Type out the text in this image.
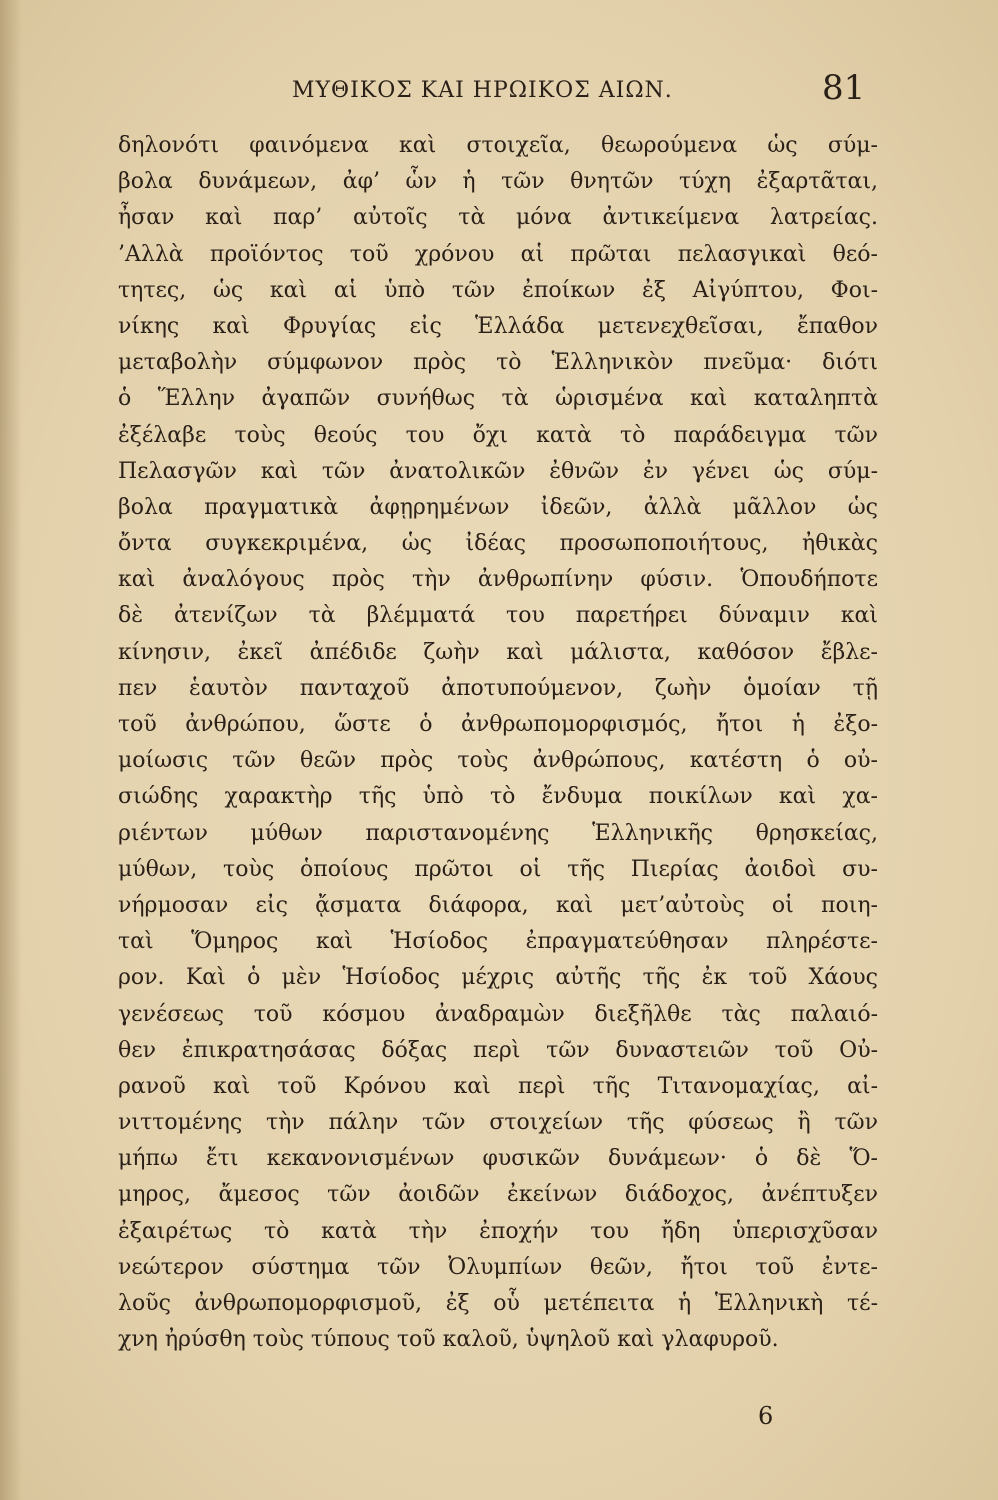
ΜΥΘΙΚΟΣ ΚΑΙ ΗΡΩΙΚΟΣ ΑΙΩΝ.	81
δηλονότι φαινόμενα καὶ στοιχεῖα, θεωρούμενα ὡς σύμ-
βολα δυνάμεων, ἀφ’ ὧν ἡ τῶν θνητῶν τύχη ἐξαρτᾶται,
ἦσαν καὶ παρ’ αὐτοῖς τὰ μόνα ἀντικείμενα λατρείας.
’Αλλὰ προϊόντος τοῦ χρόνου αἱ πρῶται πελασγικαὶ θεό-
τητες, ὡς καὶ αἱ ὑπὸ τῶν ἐποίκων ἐξ Αἰγύπτου, Φοι-
νίκης καὶ Φρυγίας εἰς Ἑλλάδα μετενεχθεῖσαι, ἔπαθον
μεταβολὴν σύμφωνον πρὸς τὸ Ἑλληνικὸν πνεῦμα· διότι
ὁ Ἕλλην ἀγαπῶν συνήθως τὰ ὡρισμένα καὶ καταληπτὰ
ἐξέλαβε τοὺς θεούς του ὄχι κατὰ τὸ παράδειγμα τῶν
Πελασγῶν καὶ τῶν ἀνατολικῶν ἐθνῶν ἐν γένει ὡς σύμ-
βολα πραγματικὰ ἀφῃρημένων ἰδεῶν, ἀλλὰ μᾶλλον ὡς
ὄντα συγκεκριμένα, ὡς ἰδέας προσωποποιήτους, ἠθικὰς
καὶ ἀναλόγους πρὸς τὴν ἀνθρωπίνην φύσιν. Ὁπουδήποτε
δὲ ἀτενίζων τὰ βλέμματά του παρετήρει δύναμιν καὶ
κίνησιν, ἐκεῖ ἀπέδιδε ζωὴν καὶ μάλιστα, καθόσον ἔβλε-
πεν ἑαυτὸν πανταχοῦ ἀποτυπούμενον, ζωὴν ὁμοίαν τῇ
τοῦ ἀνθρώπου, ὥστε ὁ ἀνθρωπομορφισμός, ἤτοι ἡ ἐξο-
μοίωσις τῶν θεῶν πρὸς τοὺς ἀνθρώπους, κατέστη ὁ οὐ-
σιώδης χαρακτὴρ τῆς ὑπὸ τὸ ἔνδυμα ποικίλων καὶ χα-
ριέντων μύθων παριστανομένης Ἑλληνικῆς θρησκείας,
μύθων, τοὺς ὁποίους πρῶτοι οἱ τῆς Πιερίας ἀοιδοὶ συ-
νήρμοσαν εἰς ᾄσματα διάφορα, καὶ μετ’αὐτοὺς οἱ ποιη-
ταὶ Ὅμηρος καὶ Ἡσίοδος ἐπραγματεύθησαν πληρέστε-
ρον. Καὶ ὁ μὲν Ἡσίοδος μέχρις αὐτῆς τῆς ἐκ τοῦ Χάους
γενέσεως τοῦ κόσμου ἀναδραμὼν διεξῆλθε τὰς παλαιό-
θεν ἐπικρατησάσας δόξας περὶ τῶν δυναστειῶν τοῦ Οὐ-
ρανοῦ καὶ τοῦ Κρόνου καὶ περὶ τῆς Τιτανομαχίας, αἰ-
νιττομένης τὴν πάλην τῶν στοιχείων τῆς φύσεως ἢ τῶν
μήπω ἔτι κεκανονισμένων φυσικῶν δυνάμεων· ὁ δὲ Ὅ-
μηρος, ἄμεσος τῶν ἀοιδῶν ἐκείνων διάδοχος, ἀνέπτυξεν
ἐξαιρέτως τὸ κατὰ τὴν ἐποχήν του ἤδη ὑπερισχῦσαν
νεώτερον σύστημα τῶν Ὀλυμπίων θεῶν, ἤτοι τοῦ ἐντε-
λοῦς ἀνθρωπομορφισμοῦ, ἐξ οὗ μετέπειτα ἡ Ἑλληνικὴ τέ-
χνη ἠρύσθη τοὺς τύπους τοῦ καλοῦ, ὑψηλοῦ καὶ γλαφυροῦ.
6
